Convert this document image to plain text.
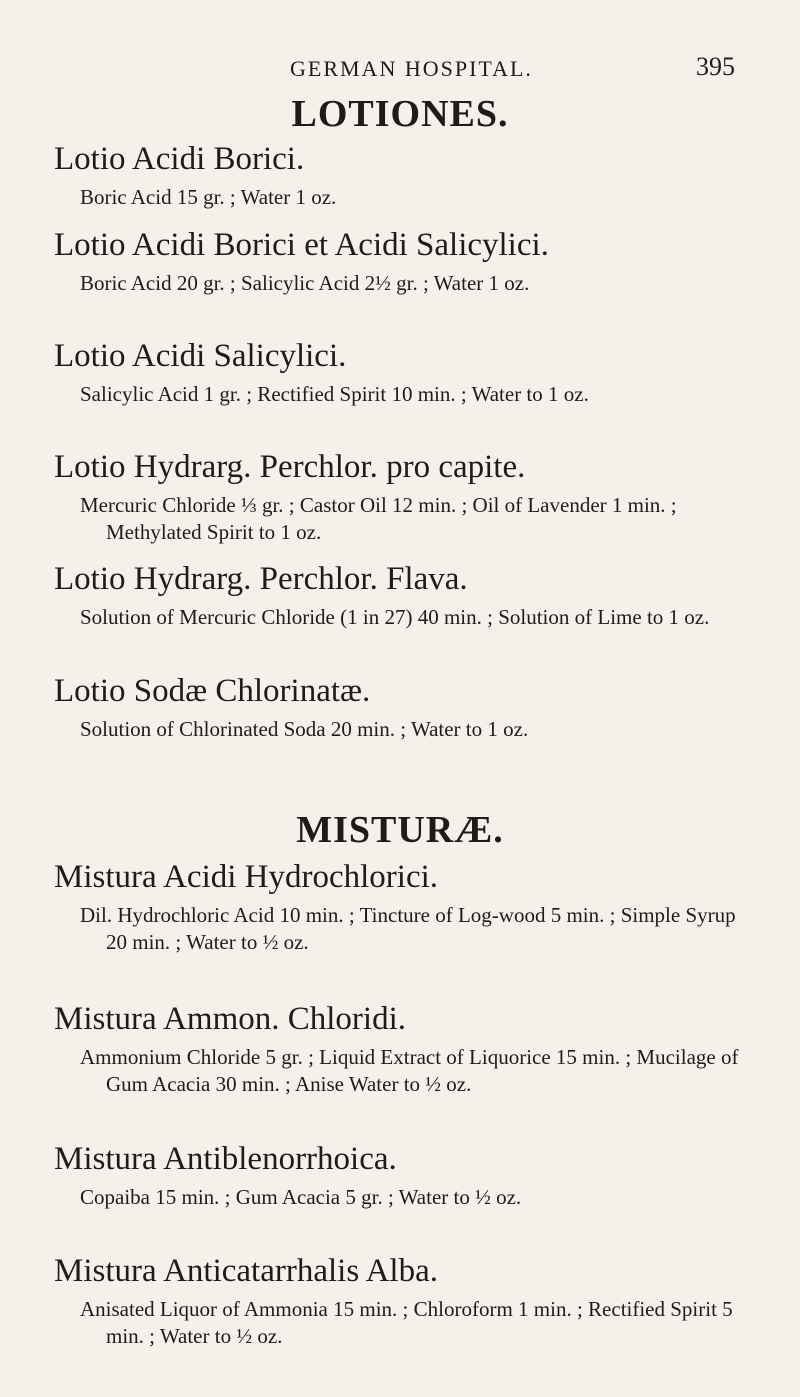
GERMAN HOSPITAL.	395
LOTIONES.
Lotio Acidi Borici.

Boric Acid 15 gr. ; Water 1 oz.

Lotio Acidi Borici et Acidi Salicylici.

Boric Acid 20 gr. ; Salicylic Acid 2½ gr. ; Water 1 oz.

Lotio Acidi Salicylici.

Salicylic Acid 1 gr. ; Rectified Spirit 10 min. ; Water to 1 oz.

Lotio Hydrarg. Perchlor. pro capite.

Mercuric Chloride ⅓ gr. ; Castor Oil 12 min. ; Oil of Lavender 1 min. ; Methylated Spirit to 1 oz.

Lotio Hydrarg. Perchlor. Flava.

Solution of Mercuric Chloride (1 in 27) 40 min. ; Solution of Lime to 1 oz.

Lotio Sodæ Chlorinatæ.

Solution of Chlorinated Soda 20 min. ; Water to 1 oz.

MISTURÆ.
Mistura Acidi Hydrochlorici.

Dil. Hydrochloric Acid 10 min. ; Tincture of Log-wood 5 min. ; Simple Syrup 20 min. ; Water to ½ oz.

Mistura Ammon. Chloridi.

Ammonium Chloride 5 gr. ; Liquid Extract of Liquorice 15 min. ; Mucilage of Gum Acacia 30 min. ; Anise Water to ½ oz.

Mistura Antiblenorrhoica.

Copaiba 15 min. ; Gum Acacia 5 gr. ; Water to ½ oz.

Mistura Anticatarrhalis Alba.

Anisated Liquor of Ammonia 15 min. ; Chloroform 1 min. ; Rectified Spirit 5 min. ; Water to ½ oz.
